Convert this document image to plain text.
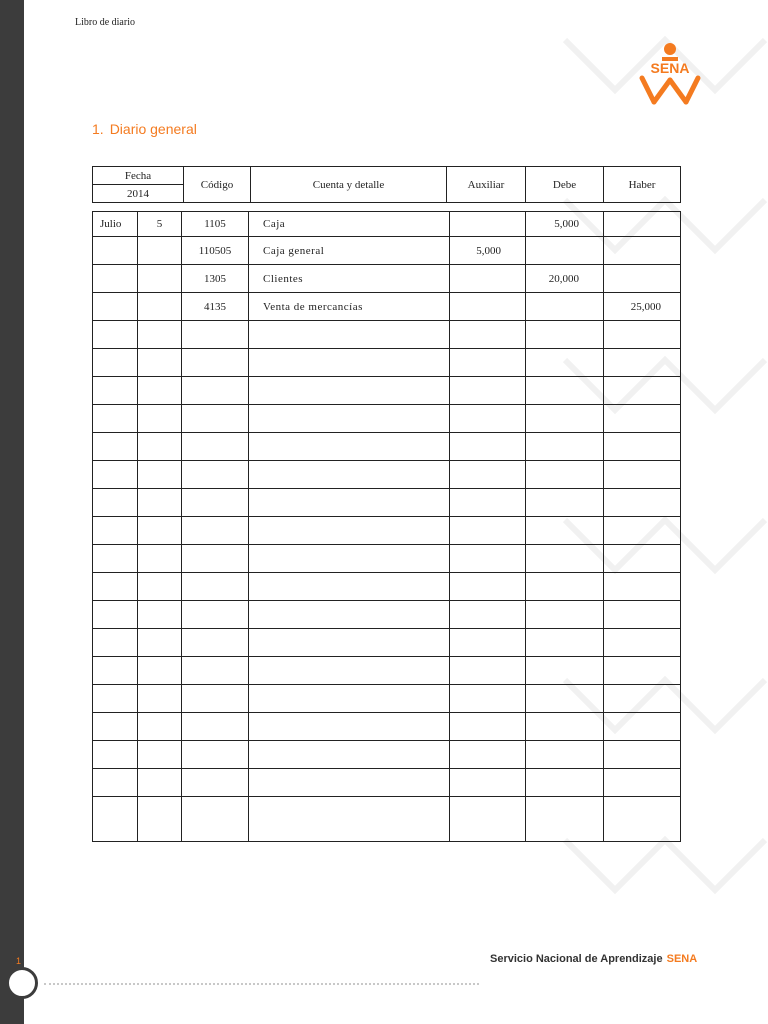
Libro de diario
SENA
1. Diario general
Fecha	Código	Cuenta y detalle	Auxiliar	Debe	Haber
2014
Julio	5	1105	Caja		5,000	
		110505	Caja general	5,000		
		1305	Clientes		20,000	
		4135	Venta de mercancías			25,000

1	Servicio Nacional de Aprendizaje SENA
